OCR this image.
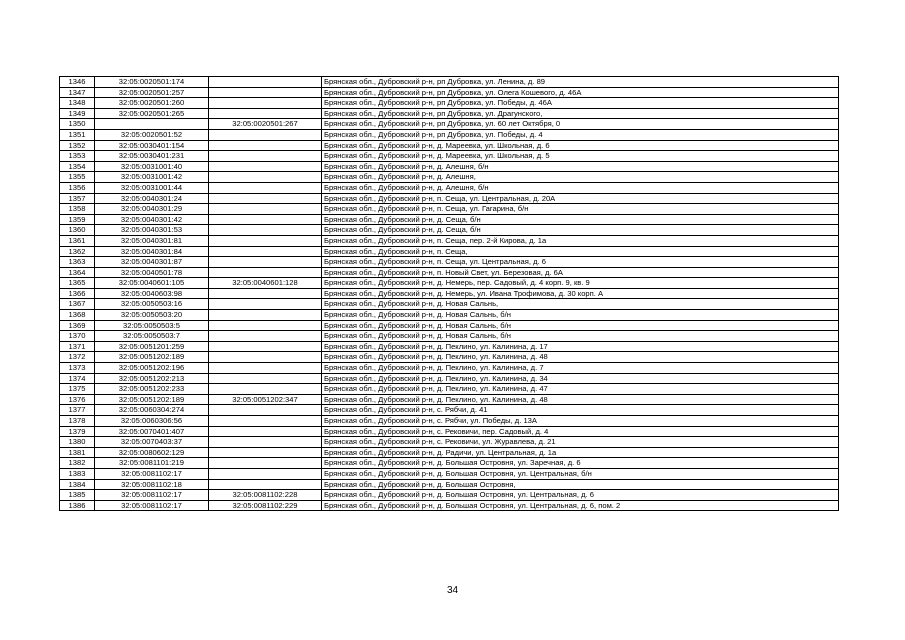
1346	32:05:0020501:174		Брянская обл., Дубровский р-н, рп Дубровка, ул. Ленина, д. 89
1347	32:05:0020501:257		Брянская обл., Дубровский р-н, рп Дубровка, ул. Олега Кошевого, д. 46А
1348	32:05:0020501:260		Брянская обл., Дубровский р-н, рп Дубровка, ул. Победы, д. 46А
1349	32:05:0020501:265		Брянская обл., Дубровский р-н, рп Дубровка, ул. Драгунского,
1350		32:05:0020501:267	Брянская обл., Дубровский р-н, рп Дубровка, ул. 60 лет Октября, 0
1351	32:05:0020501:52		Брянская обл., Дубровский р-н, рп Дубровка, ул. Победы, д. 4
1352	32:05:0030401:154		Брянская обл., Дубровский р-н, д. Мареевка, ул. Школьная, д. 6
1353	32:05:0030401:231		Брянская обл., Дубровский р-н, д. Мареевка, ул. Школьная, д. 5
1354	32:05:0031001:40		Брянская обл., Дубровский р-н, д. Алешня, б/н
1355	32:05:0031001:42		Брянская обл., Дубровский р-н, д. Алешня,
1356	32:05:0031001:44		Брянская обл., Дубровский р-н, д. Алешня, б/н
1357	32:05:0040301:24		Брянская обл., Дубровский р-н, п. Сеща, ул. Центральная, д. 20А
1358	32:05:0040301:29		Брянская обл., Дубровский р-н, п. Сеща, ул. Гагарина, б/н
1359	32:05:0040301:42		Брянская обл., Дубровский р-н, д. Сеща, б/н
1360	32:05:0040301:53		Брянская обл., Дубровский р-н, д. Сеща, б/н
1361	32:05:0040301:81		Брянская обл., Дубровский р-н, п. Сеща, пер. 2-й Кирова, д. 1а
1362	32:05:0040301:84		Брянская обл., Дубровский р-н, п. Сеща,
1363	32:05:0040301:87		Брянская обл., Дубровский р-н, п. Сеща, ул. Центральная, д. 6
1364	32:05:0040501:78		Брянская обл., Дубровский р-н, п. Новый Свет, ул. Березовая, д. 6А
1365	32:05:0040601:105	32:05:0040601:128	Брянская обл., Дубровский р-н, д. Немерь, пер. Садовый, д. 4 корп. 9, кв. 9
1366	32:05:0040603:98		Брянская обл., Дубровский р-н, д. Немерь, ул. Ивана Трофимова, д. 30 корп. А
1367	32:05:0050503:16		Брянская обл., Дубровский р-н, д. Новая Сальнь,
1368	32:05:0050503:20		Брянская обл., Дубровский р-н, д. Новая Сальнь, б/н
1369	32:05:0050503:5		Брянская обл., Дубровский р-н, д. Новая Сальнь, б/н
1370	32:05:0050503:7		Брянская обл., Дубровский р-н, д. Новая Сальнь, б/н
1371	32:05:0051201:259		Брянская обл., Дубровский р-н, д. Пеклино, ул. Калинина, д. 17
1372	32:05:0051202:189		Брянская обл., Дубровский р-н, д. Пеклино, ул. Калинина, д. 48
1373	32:05:0051202:196		Брянская обл., Дубровский р-н, д. Пеклино, ул. Калинина, д. 7
1374	32:05:0051202:213		Брянская обл., Дубровский р-н, д. Пеклино, ул. Калинина, д. 34
1375	32:05:0051202:233		Брянская обл., Дубровский р-н, д. Пеклино, ул. Калинина, д. 47
1376	32:05:0051202:189	32:05:0051202:347	Брянская обл., Дубровский р-н, д. Пеклино, ул. Калинина, д. 48
1377	32:05:0060304:274		Брянская обл., Дубровский р-н, с. Рябчи, д. 41
1378	32:05:0060306:56		Брянская обл., Дубровский р-н, с. Рябчи, ул. Победы, д. 13А
1379	32:05:0070401:407		Брянская обл., Дубровский р-н, с. Рековичи, пер. Садовый, д. 4
1380	32:05:0070403:37		Брянская обл., Дубровский р-н, с. Рековичи, ул. Журавлева, д. 21
1381	32:05:0080602:129		Брянская обл., Дубровский р-н, д. Радичи, ул. Центральная, д. 1а
1382	32:05:0081101:219		Брянская обл., Дубровский р-н, д. Большая Островня, ул. Заречная, д. 6
1383	32:05:0081102:17		Брянская обл., Дубровский р-н, д. Большая Островня, ул. Центральная, б/н
1384	32:05:0081102:18		Брянская обл., Дубровский р-н, д. Большая Островня,
1385	32:05:0081102:17	32:05:0081102:228	Брянская обл., Дубровский р-н, д. Большая Островня, ул. Центральная, д. 6
1386	32:05:0081102:17	32:05:0081102:229	Брянская обл., Дубровский р-н, д. Большая Островня, ул. Центральная, д. 6, пом. 2
34
